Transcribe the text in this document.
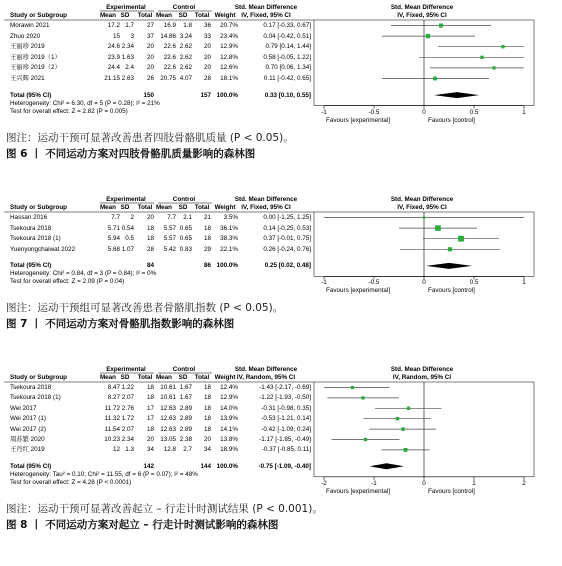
Experimental	Control	Std. Mean Difference	Std. Mean Difference
Study or Subgroup	Mean SD	Total Mean	SD	Total Weight IV, Fixed, 95% CI	IV, Fixed, 95% CI
Morawin 2021	17.2 1.7	27	16.9	1.8	36	20.7%	0.17 [-0.33, 0.67]
Zhuo 2020	15	3	37 14.86 3.24	33	23.4%	0.04 [-0.42, 0.51]
王丽珍 2019	24.6 2.34	20	22.6 2.62	20	12.9%	0.79 [0.14, 1.44]
王丽珍 2019（1）	23.9 1.63	20	22.6 2.62	20	12.8%	0.58 [-0.05, 1.22]
王丽珍 2019（2）	24.4 2.4	20	22.6 2.62	20	12.6%	0.70 [0.06, 1.34]
王兴辉 2021	21.15 2.63	26 20.75 4.07	28	18.1%	0.11 [-0.42, 0.65]
Total (95% CI)	150	157 100.0%	0.33 [0.10, 0.55]
Heterogeneity: Chi² = 6.30, df = 5 (P = 0.28); I² = 21%
Test for overall effect: Z = 2.82 (P = 0.005)	-1	-0.5	0	0.5	1
Favours [experimental]	Favours [control]
图注：运动干预可显著改善患者四肢骨骼肌质量 (P < 0.05)。
图 6 丨 不同运动方案对四肢骨骼肌质量影响的森林图
Experimental	Control	Std. Mean Difference	Std. Mean Difference
Study or Subgroup	Mean SD	Total Mean	SD	Total Weight IV, Fixed, 95% CI	IV, Fixed, 95% CI
Hassan 2016	7.7	2	20	7.7	2.1	21	3.5%	0.00 [-1.25, 1.25]
Tsekoura 2018	5.71 0.54	18	5.57 0.65	18	36.1%	0.14 [-0.25, 0.53]
Tsekoura 2018 (1)	5.94 0.5	18	5.57 0.65	18	38.3%	0.37 [-0.01, 0.75]
Yuenyongchaiwat 2022	5.68 1.07	28	5.42 0.83	29	22.1%	0.26 [-0.24, 0.76]
Total (95% CI)	84	86 100.0%	0.25 [0.02, 0.48]
Heterogeneity: Chi² = 0.84, df = 3 (P = 0.84); I² = 0%
Test for overall effect: Z = 2.09 (P = 0.04)	-1	-0.5	0	0.5	1
Favours [experimental]	Favours [control]
图注：运动干预组可显著改善患者骨骼肌指数 (P < 0.05)。
图 7 丨 不同运动方案对骨骼肌指数影响的森林图
Experimental	Control	Std. Mean Difference	Std. Mean Difference
Study or Subgroup	Mean SD	Total Mean	SD	Total Weight IV, Random, 95% CI	IV, Random, 95% CI
Tsekoura 2018	8.47 1.22	18 10.61 1.67	18	12.4%	-1.43 [-2.17, -0.69]
Tsekoura 2018 (1)	8.27 2.07	18 10.61 1.67	18	12.9%	-1.22 [-1.93, -0.50]
Wei 2017	11.72 2.76	17 12.63 2.89	18	14.0%	-0.31 [-0.98, 0.35]
Wei 2017 (1)	11.32 1.72	17 12.63 2.89	18	13.9%	-0.53 [-1.21, 0.14]
Wei 2017 (2)	11.54 2.07	18 12.63 2.89	18	14.1%	-0.42 [-1.09, 0.24]
周苏繁 2020	10.23 2.34	20 13.05 2.38	20	13.8%	-1.17 [-1.85, -0.49]
王丹红 2019	12 1.3	34	12.8	2.7	34	18.9%	-0.37 [-0.85, 0.11]
Total (95% CI)	142	144 100.0%	-0.75 [-1.09, -0.40]
Heterogeneity: Tau² = 0.10; Chi² = 11.55, df = 6 (P = 0.07); I² = 48%
Test for overall effect: Z = 4.28 (P < 0.0001)	-2	-1	0	1	2
Favours [experimental]	Favours [control]
图注：运动干预可显著改善起立 – 行走计时测试结果 (P < 0.001)。
图 8 丨 不同运动方案对起立 – 行走计时测试影响的森林图
